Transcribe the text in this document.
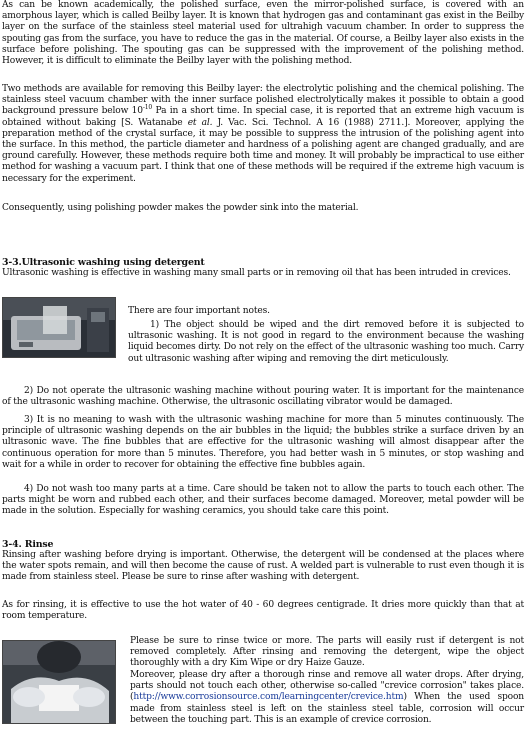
As can be known academically, the polished surface, even the mirror-polished surface, is covered with an amorphous layer, which is called Beilby layer. It is known that hydrogen gas and contaminant gas exist in the Beilby layer on the surface of the stainless steel material used for ultrahigh vacuum chamber. In order to suppress the spouting gas from the surface, you have to reduce the gas in the material. Of course, a Beilby layer also exists in the surface before polishing. The spouting gas can be suppressed with the improvement of the polishing method. However, it is difficult to eliminate the Beilby layer with the polishing method.

Two methods are available for removing this Beilby layer: the electrolytic polishing and the chemical polishing. The stainless steel vacuum chamber with the inner surface polished electrolytically makes it possible to obtain a good background pressure below $10^{-10}$ Pa in a short time. In special case, it is reported that an extreme high vacuum is obtained without baking [S. Watanabe et al. J. Vac. Sci. Technol. A 16 (1988) 2711.]. Moreover, applying the preparation method of the crystal surface, it may be possible to suppress the intrusion of the polishing agent into the surface. In this method, the particle diameter and hardness of a polishing agent are changed gradually, and are ground carefully. However, these methods require both time and money. It will probably be impractical to use either method for washing a vacuum part. I think that one of these methods will be required if the extreme high vacuum is necessary for the experiment.

Consequently, using polishing powder makes the powder sink into the material.

3-3.Ultrasonic washing using detergent

Ultrasonic washing is effective in washing many small parts or in removing oil that has been intruded in crevices.

There are four important notes.

1) The object should be wiped and the dirt removed before it is subjected to ultrasonic washing. It is not good in regard to the environment because the washing liquid becomes dirty. Do not rely on the effect of the ultrasonic washing too much. Carry out ultrasonic washing after wiping and removing the dirt meticulously.

2) Do not operate the ultrasonic washing machine without pouring water. It is important for the maintenance of the ultrasonic washing machine. Otherwise, the ultrasonic oscillating vibrator would be damaged.

3) It is no meaning to wash with the ultrasonic washing machine for more than 5 minutes continuously. The principle of ultrasonic washing depends on the air bubbles in the liquid; the bubbles strike a surface driven by an ultrasonic wave. The fine bubbles that are effective for the ultrasonic washing will almost disappear after the continuous operation for more than 5 minutes. Therefore, you had better wash in 5 minutes, or stop washing and wait for a while in order to recover for obtaining the effective fine bubbles again.

4) Do not wash too many parts at a time. Care should be taken not to allow the parts to touch each other. The parts might be worn and rubbed each other, and their surfaces become damaged. Moreover, metal powder will be made in the solution. Especially for washing ceramics, you should take care this point.

3-4. Rinse

Rinsing after washing before drying is important. Otherwise, the detergent will be condensed at the places where the water spots remain, and will then become the cause of rust. A welded part is vulnerable to rust even though it is made from stainless steel. Please be sure to rinse after washing with detergent.

As for rinsing, it is effective to use the hot water of 40 - 60 degrees centigrade. It dries more quickly than that at room temperature.

Please be sure to rinse twice or more. The parts will easily rust if detergent is not removed completely. After rinsing and removing the detergent, wipe the object thoroughly with a dry Kim Wipe or dry Haize Gauze.

Moreover, please dry after a thorough rinse and remove all water drops. After drying, parts should not touch each other, otherwise so-called "crevice corrosion" takes place. (http://www.corrosionsource.com/learningcenter/crevice.htm) When the used spoon made from stainless steel is left on the stainless steel table, corrosion will occur between the touching part. This is an example of crevice corrosion.
